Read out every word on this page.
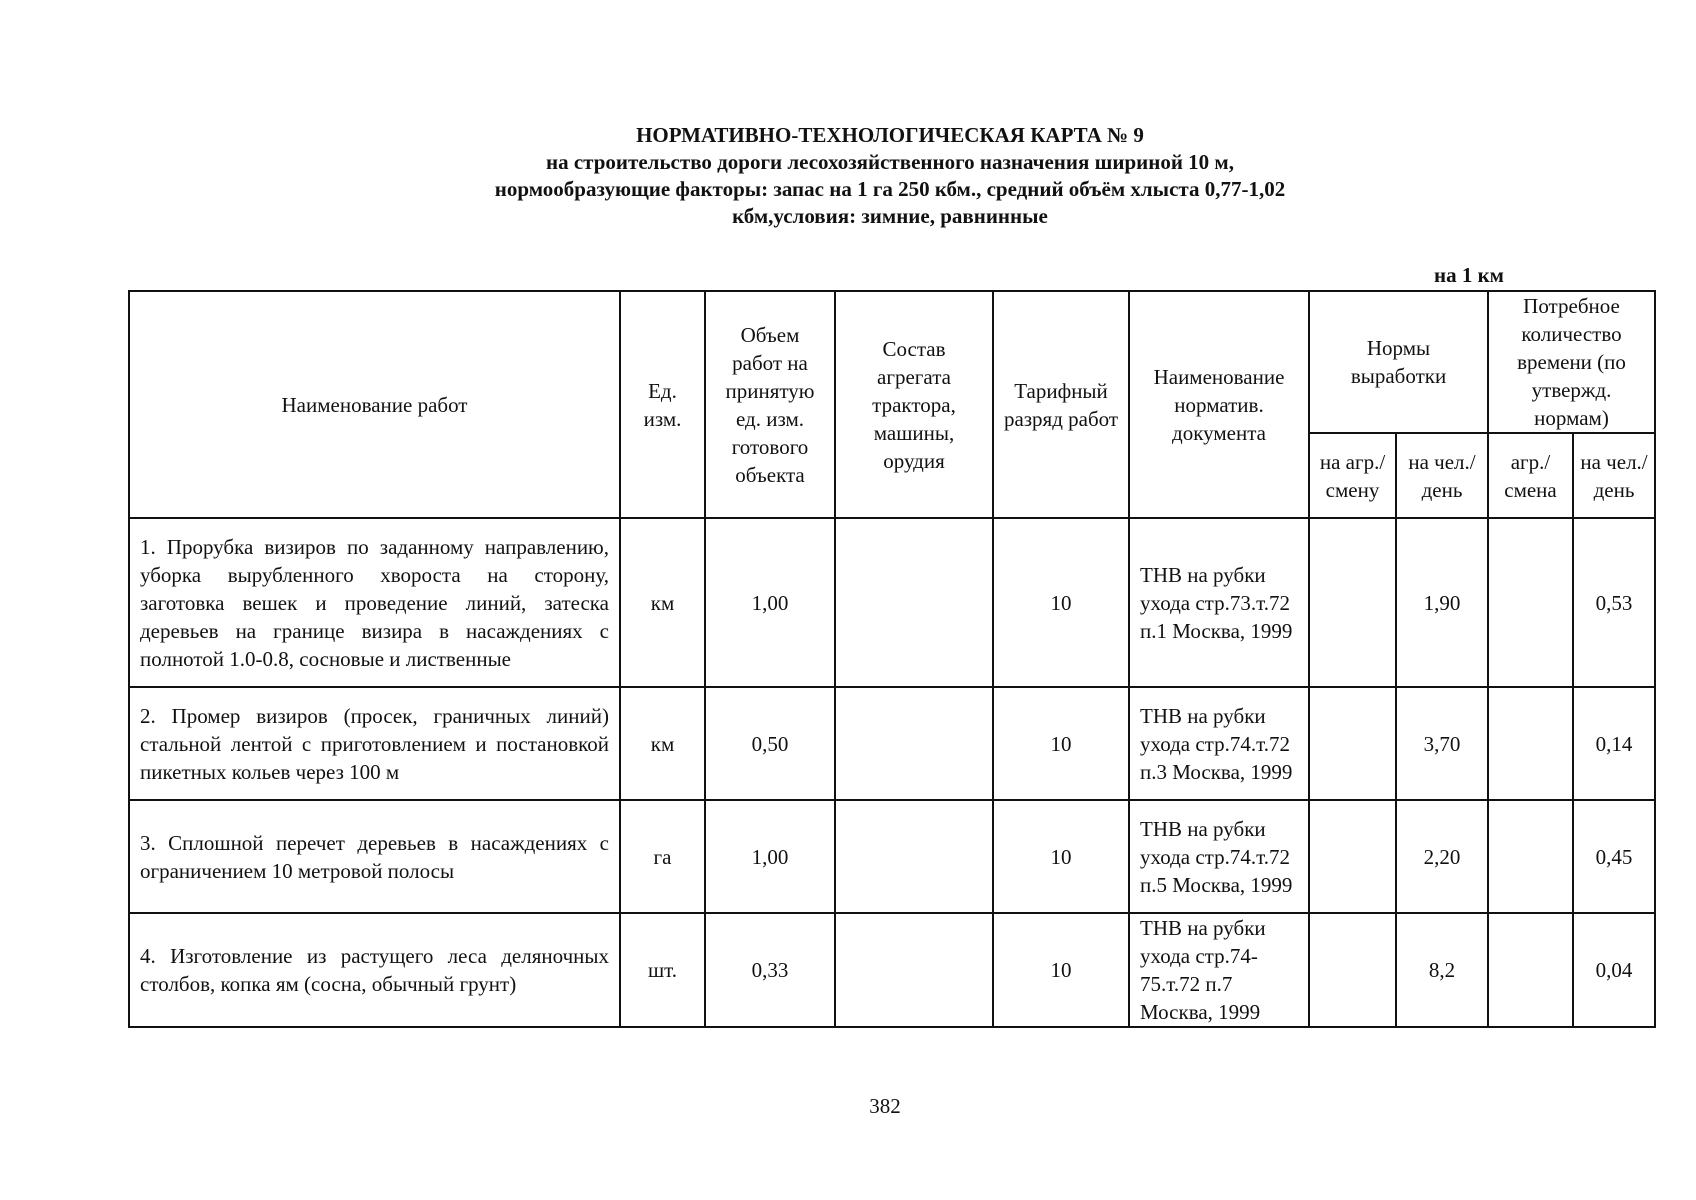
НОРМАТИВНО-ТЕХНОЛОГИЧЕСКАЯ КАРТА № 9
на строительство дороги лесохозяйственного назначения шириной 10 м,
нормообразующие факторы: запас на 1 га 250 кбм., средний объём хлыста 0,77-1,02
кбм,условия: зимние, равнинные
на 1 км
Наименование работ	Ед. изм.	Объем работ на принятую ед. изм. готового объекта	Состав агрегата трактора, машины, орудия	Тарифный разряд работ	Наименование норматив. документа	Нормы выработки		Потребное количество времени (по утвержд. нормам)	
						на агр./ смену	на чел./ день	агр./ смена	на чел./ день
1. Прорубка визиров по заданному направлению, уборка вырубленного хвороста на сторону, заготовка вешек и проведение линий, затеска деревьев на границе визира в насаждениях с полнотой 1.0-0.8, сосновые и лиственные	км	1,00		10	ТНВ на рубки ухода стр.73.т.72 п.1 Москва, 1999		1,90		0,53
2. Промер визиров (просек, граничных линий) стальной лентой с приготовлением и постановкой пикетных кольев через 100 м	км	0,50		10	ТНВ на рубки ухода стр.74.т.72 п.3 Москва, 1999		3,70		0,14
3. Сплошной перечет деревьев в насаждениях с ограничением 10 метровой полосы	га	1,00		10	ТНВ на рубки ухода стр.74.т.72 п.5 Москва, 1999		2,20		0,45
4. Изготовление из растущего леса деляночных столбов, копка ям (сосна, обычный грунт)	шт.	0,33		10	ТНВ на рубки ухода стр.74-75.т.72 п.7 Москва, 1999		8,2		0,04
382
